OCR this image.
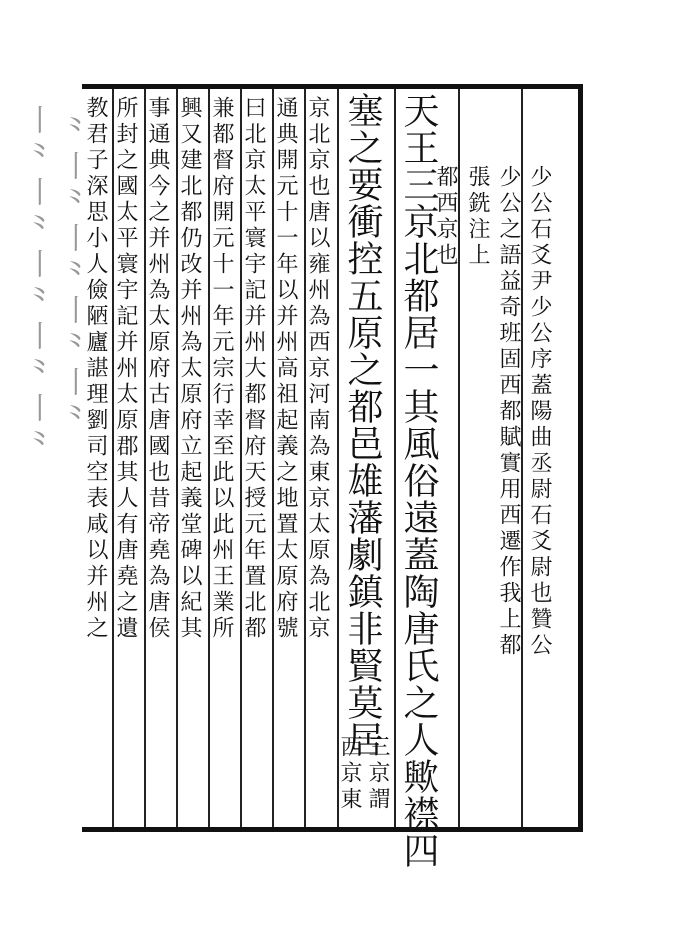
少公石爻尹少公序蓋陽曲丞尉石爻尉也贊公
少公之語益奇班固西都賦實用西遷作我上都
張銑注上
都西京也
天王三京北都居一其風俗遠蓋陶唐氏之人歟襟四
塞之要衝控五原之都邑雄藩劇鎮非賢莫居
三京謂
西京東
京北京也唐以雍州為西京河南為東京太原為北京
通典開元十一年以并州高祖起義之地置太原府號
曰北京太平寰宇記并州大都督府天授元年置北都
兼都督府開元十一年元宗行幸至此以此州王業所
興又建北都仍改并州為太原府立起義堂碑以紀其
事通典今之并州為太原府古唐國也昔帝堯為唐侯
所封之國太平寰宇記并州太原郡其人有唐堯之遺
教君子深思小人儉陋廬諶理劉司空表咸以并州之
⺀丨⺀丨⺀丨⺀丨⺀
丨⺀丨⺀丨⺀丨⺀丨⺀
